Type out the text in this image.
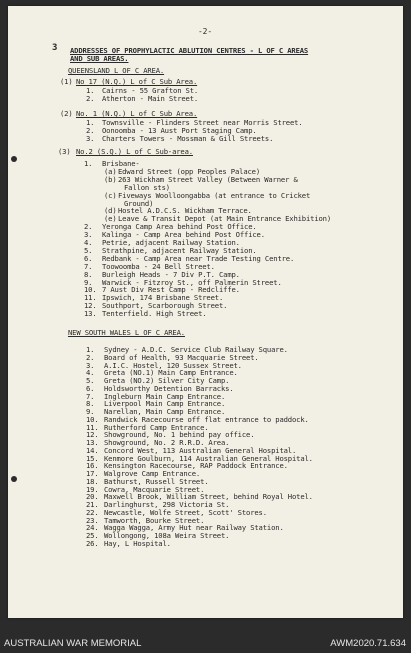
-2-
3 ADDRESSES OF PROPHYLACTIC ABLUTION CENTRES - L OF C AREAS
AND SUB AREAS.
QUEENSLAND L OF C AREA.
(1) No 17 (N.Q.) L of C Sub Area.
1. Cairns - 55 Grafton St.
2. Atherton - Main Street.
(2) No. 1 (N.Q.) L of C Sub Area.
1. Townsville - Flinders Street near Morris Street.
2. Oonoomba - 13 Aust Port Staging Camp.
3. Charters Towers - Mossman & Gill Streets.
(3) No.2 (S.Q.) L of C Sub-area.
1. Brisbane-
(a) Edward Street (opp Peoples Palace)
(b) 263 Wickham Street Valley (Between Warner &
Fallon sts)
(c) Fiveways Woolloongabba (at entrance to Cricket
Ground)
(d) Hostel A.D.C.S. Wickham Terrace.
(e) Leave & Transit Depot (at Main Entrance Exhibition)
2. Yeronga Camp Area behind Post Office.
3. Kalinga - Camp Area behind Post Office.
4. Petrie, adjacent Railway Station.
5. Strathpine, adjacent Railway Station.
6. Redbank - Camp Area near Trade Testing Centre.
7. Toowoomba - 24 Bell Street.
8. Burleigh Heads - 7 Div P.T. Camp.
9. Warwick - Fitzroy St., off Palmerin Street.
10. 7 Aust Div Rest Camp - Redcliffe.
11. Ipswich, 174 Brisbane Street.
12. Southport, Scarborough Street.
13. Tenterfield. High Street.
NEW SOUTH WALES L OF C AREA.
1. Sydney - A.D.C. Service Club Railway Square.
2. Board of Health, 93 Macquarie Street.
3. A.I.C. Hostel, 120 Sussex Street.
4. Greta (NO.1) Main Camp Entrance.
5. Greta (NO.2) Silver City Camp.
6. Holdsworthy Detention Barracks.
7. Ingleburn Main Camp Entrance.
8. Liverpool Main Camp Entrance.
9. Narellan, Main Camp Entrance.
10. Randwick Racecourse off flat entrance to paddock.
11. Rutherford Camp Entrance.
12. Showground, No. 1 behind pay office.
13. Showground, No. 2 R.R.D. Area.
14. Concord West, 113 Australian General Hospital.
15. Kenmore Goulburn, 114 Australian General Hospital.
16. Kensington Racecourse, RAP Paddock Entrance.
17. Walgrove Camp Entrance.
18. Bathurst, Russell Street.
19. Cowra, Macquarie Street.
20. Maxwell Brook, William Street, behind Royal Hotel.
21. Darlinghurst, 298 Victoria St.
22. Newcastle, Wolfe Street, Scott' Stores.
23. Tamworth, Bourke Street.
24. Wagga Wagga, Army Hut near Railway Station.
25. Wollongong, 108a Weira Street.
26. Hay, L Hospital.
AUSTRALIAN WAR MEMORIAL	AWM2020.71.634
